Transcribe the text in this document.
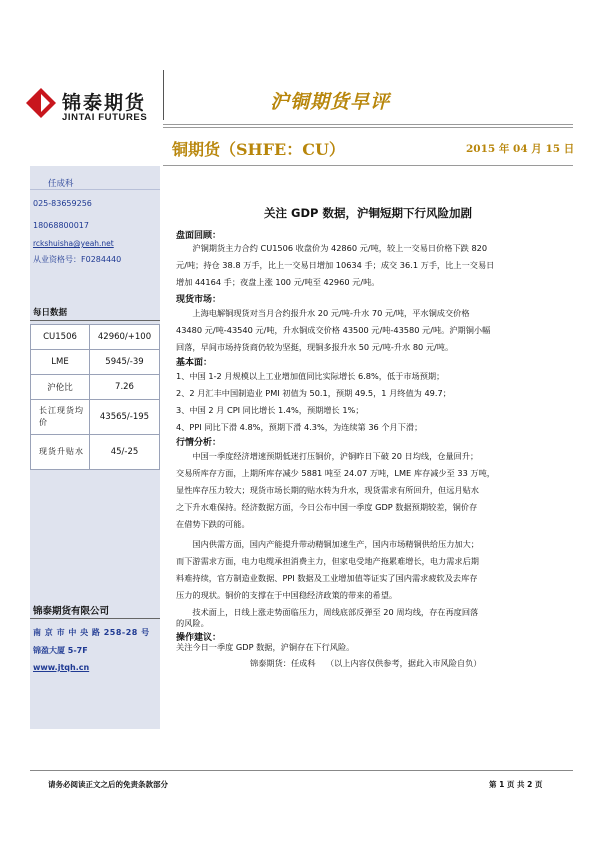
锦泰期货
JINTAI FUTURES
沪铜期货早评
铜期货（SHFE：CU）	2015 年 04 月 15 日
任成科
025-83659256
18068800017
rckshuisha@yeah.net
从业资格号：F0284440
每日数据
CU1506	42960/+100
LME	5945/-39
沪伦比	7.26
长江现货均价	43565/-195
现货升贴水	45/-25
锦泰期货有限公司
南 京 市 中 央 路 258-28 号
锦盈大厦 5-7F
www.jtqh.cn
关注 GDP 数据，沪铜短期下行风险加剧
盘面回顾：
沪铜期货主力合约 CU1506 收盘价为 42860 元/吨，较上一交易日价格下跌 820
元/吨；持仓 38.8 万手，比上一交易日增加 10634 手；成交 36.1 万手，比上一交易日
增加 44164 手；夜盘上涨 100 元/吨至 42960 元/吨。
现货市场：
上海电解铜现货对当月合约报升水 20 元/吨-升水 70 元/吨，平水铜成交价格
43480 元/吨-43540 元/吨，升水铜成交价格 43500 元/吨-43580 元/吨。沪期铜小幅
回落，早间市场持货商仍较为坚挺，现铜多报升水 50 元/吨-升水 80 元/吨。
基本面：
1、中国 1-2 月规模以上工业增加值同比实际增长 6.8%，低于市场预期；
2、2 月汇丰中国制造业 PMI 初值为 50.1，预期 49.5，1 月终值为 49.7；
3、中国 2 月 CPI 同比增长 1.4%，预期增长 1%；
4、PPI 同比下滑 4.8%，预期下滑 4.3%，为连续第 36 个月下滑；
行情分析：
中国一季度经济增速预期低迷打压铜价，沪铜昨日下破 20 日均线，仓量回升；
交易所库存方面，上期所库存减少 5881 吨至 24.07 万吨，LME 库存减少至 33 万吨，
显性库存压力较大；现货市场长期的贴水转为升水，现货需求有所回升，但远月贴水
之下升水难保持。经济数据方面，今日公布中国一季度 GDP 数据预期较差，铜价存
在借势下跌的可能。
国内供需方面，国内产能提升带动精铜加速生产，国内市场精铜供给压力加大；
而下游需求方面，电力电缆承担消费主力，但家电受地产拖累难增长，电力需求后期
料难持续，官方制造业数据、PPI 数据及工业增加值等证实了国内需求疲软及去库存
压力的现状。铜价的支撑在于中国稳经济政策的带来的希望。
技术面上，日线上涨走势面临压力，周线底部反弹至 20 周均线，存在再度回落
操作建议：
关注今日一季度 GDP 数据，沪铜存在下行风险。
锦泰期货：任成科    （以上内容仅供参考，据此入市风险自负）
请务必阅读正文之后的免责条款部分	第 1 页 共 2 页
的风险。
